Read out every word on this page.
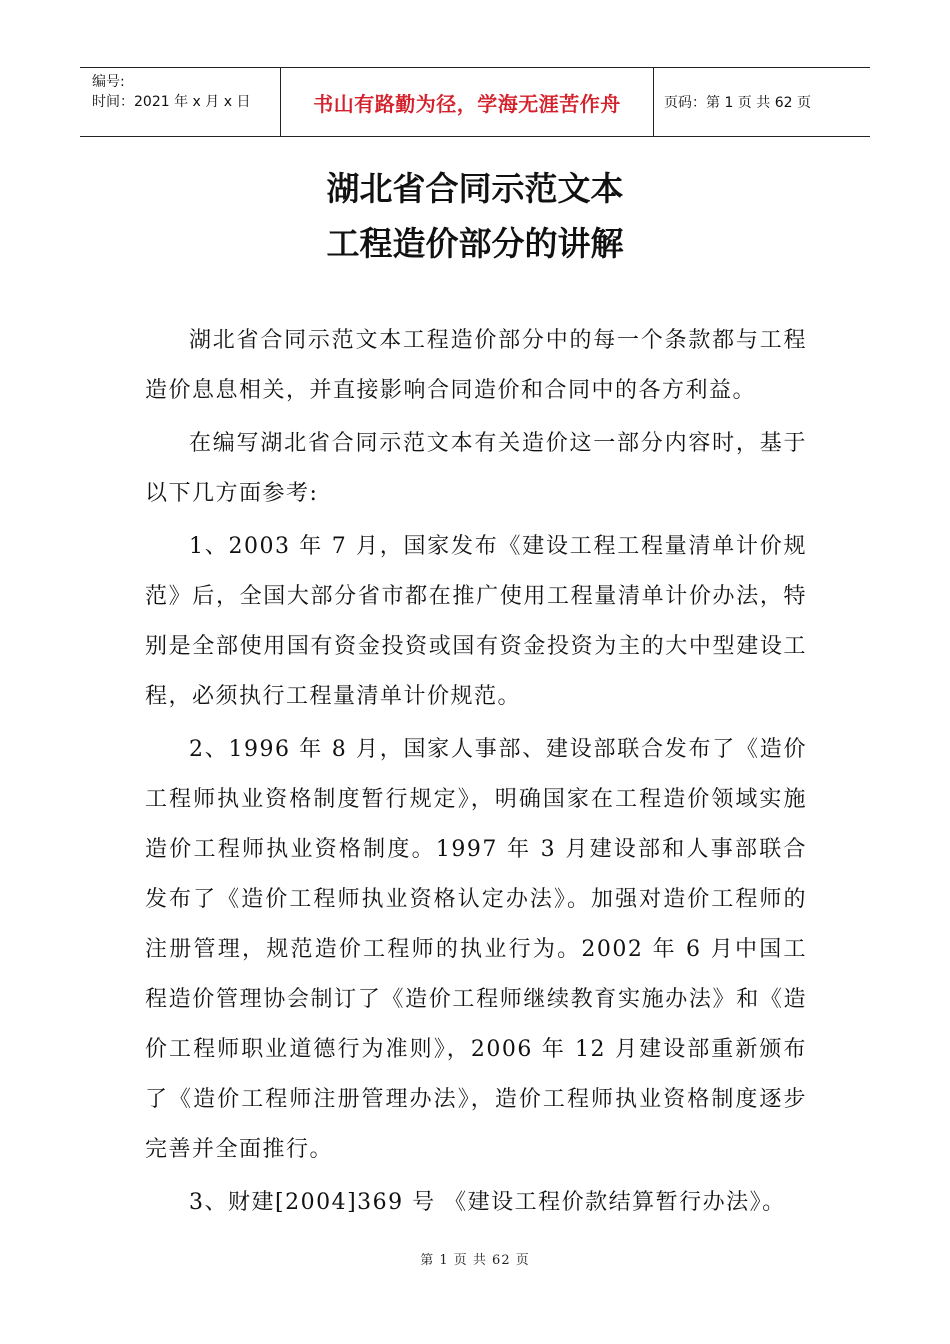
编号:
时间：2021 年 x 月 x 日	书山有路勤为径，学海无涯苦作舟	页码：第 1 页 共 62 页
湖北省合同示范文本
工程造价部分的讲解

湖北省合同示范文本工程造价部分中的每一个条款都与工程造价息息相关，并直接影响合同造价和合同中的各方利益。

在编写湖北省合同示范文本有关造价这一部分内容时，基于以下几方面参考:

1、2003 年 7 月，国家发布《建设工程工程量清单计价规范》后，全国大部分省市都在推广使用工程量清单计价办法，特别是全部使用国有资金投资或国有资金投资为主的大中型建设工程，必须执行工程量清单计价规范。

2、1996 年 8 月，国家人事部、建设部联合发布了《造价工程师执业资格制度暂行规定》，明确国家在工程造价领域实施造价工程师执业资格制度。1997 年 3 月建设部和人事部联合发布了《造价工程师执业资格认定办法》。加强对造价工程师的注册管理，规范造价工程师的执业行为。2002 年 6 月中国工程造价管理协会制订了《造价工程师继续教育实施办法》和《造价工程师职业道德行为准则》，2006 年 12 月建设部重新颁布了《造价工程师注册管理办法》，造价工程师执业资格制度逐步完善并全面推行。

3、财建[2004]369 号 《建设工程价款结算暂行办法》。

第 1 页 共 62 页
